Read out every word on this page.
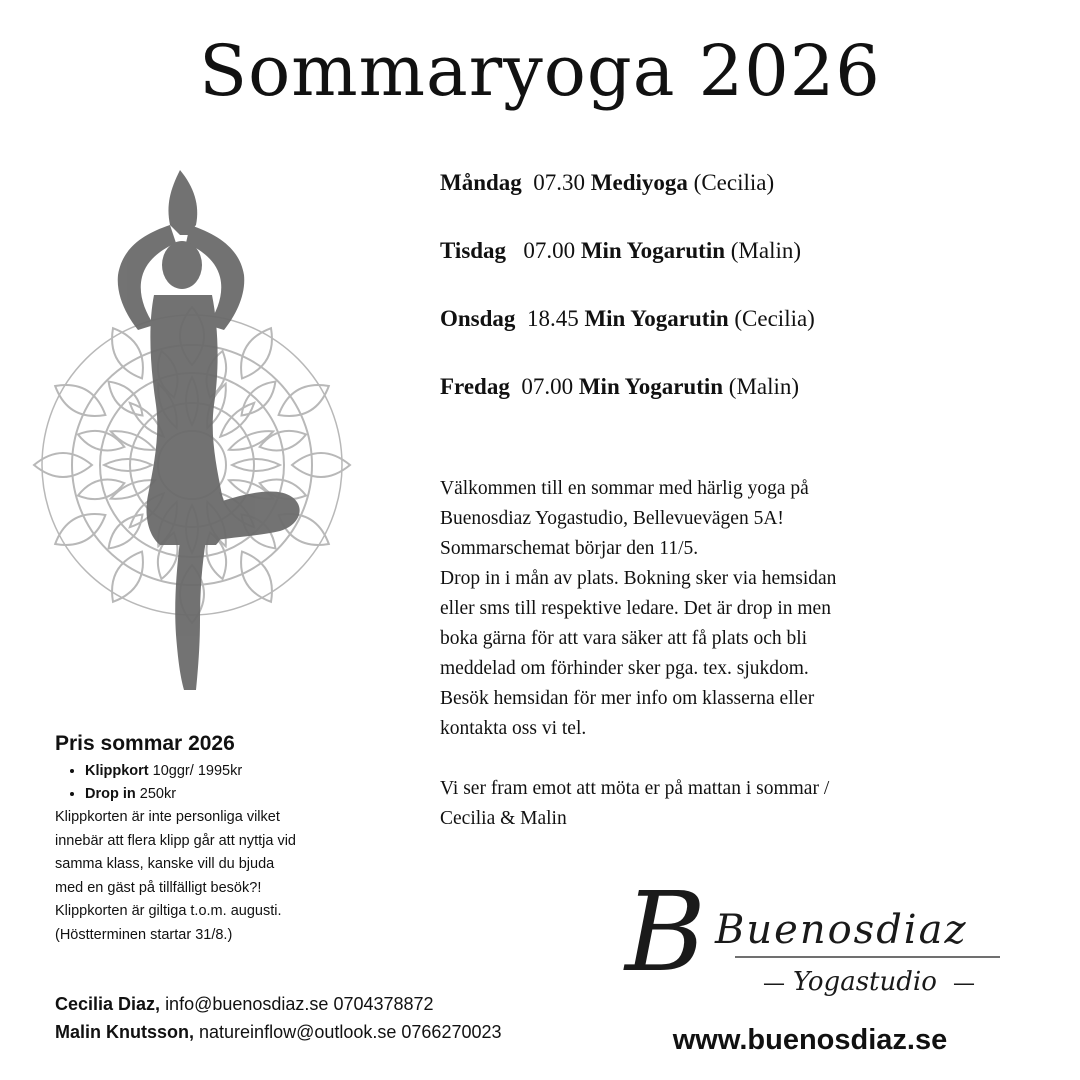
Sommaryoga 2026
Måndag 07.30 Mediyoga (Cecilia)
Tisdag 07.00 Min Yogarutin (Malin)
Onsdag 18.45 Min Yogarutin (Cecilia)
Fredag 07.00 Min Yogarutin (Malin)

Välkommen till en sommar med härlig yoga på

Buenosdiaz Yogastudio, Bellevuevägen 5A!

Sommarschemat börjar den 11/5.

Drop in i mån av plats. Bokning sker via hemsidan

eller sms till respektive ledare. Det är drop in men

boka gärna för att vara säker att få plats och bli

meddelad om förhinder sker pga. tex. sjukdom.

Besök hemsidan för mer info om klasserna eller

kontakta oss vi tel.

Vi ser fram emot att möta er på mattan i sommar /

Cecilia & Malin

Pris sommar 2026
• Klippkort 10ggr/ 1995kr
• Drop in 250kr

Klippkorten är inte personliga vilket
innebär att flera klipp går att nyttja vid
samma klass, kanske vill du bjuda
med en gäst på tillfälligt besök?!
Klippkorten är giltiga t.o.m. augusti.
(Höstterminen startar 31/8.)

Cecilia Diaz, info@buenosdiaz.se 0704378872
Malin Knutsson, natureinflow@outlook.se 0766270023
B Buenosdiaz
— Yogastudio —
www.buenosdiaz.se
